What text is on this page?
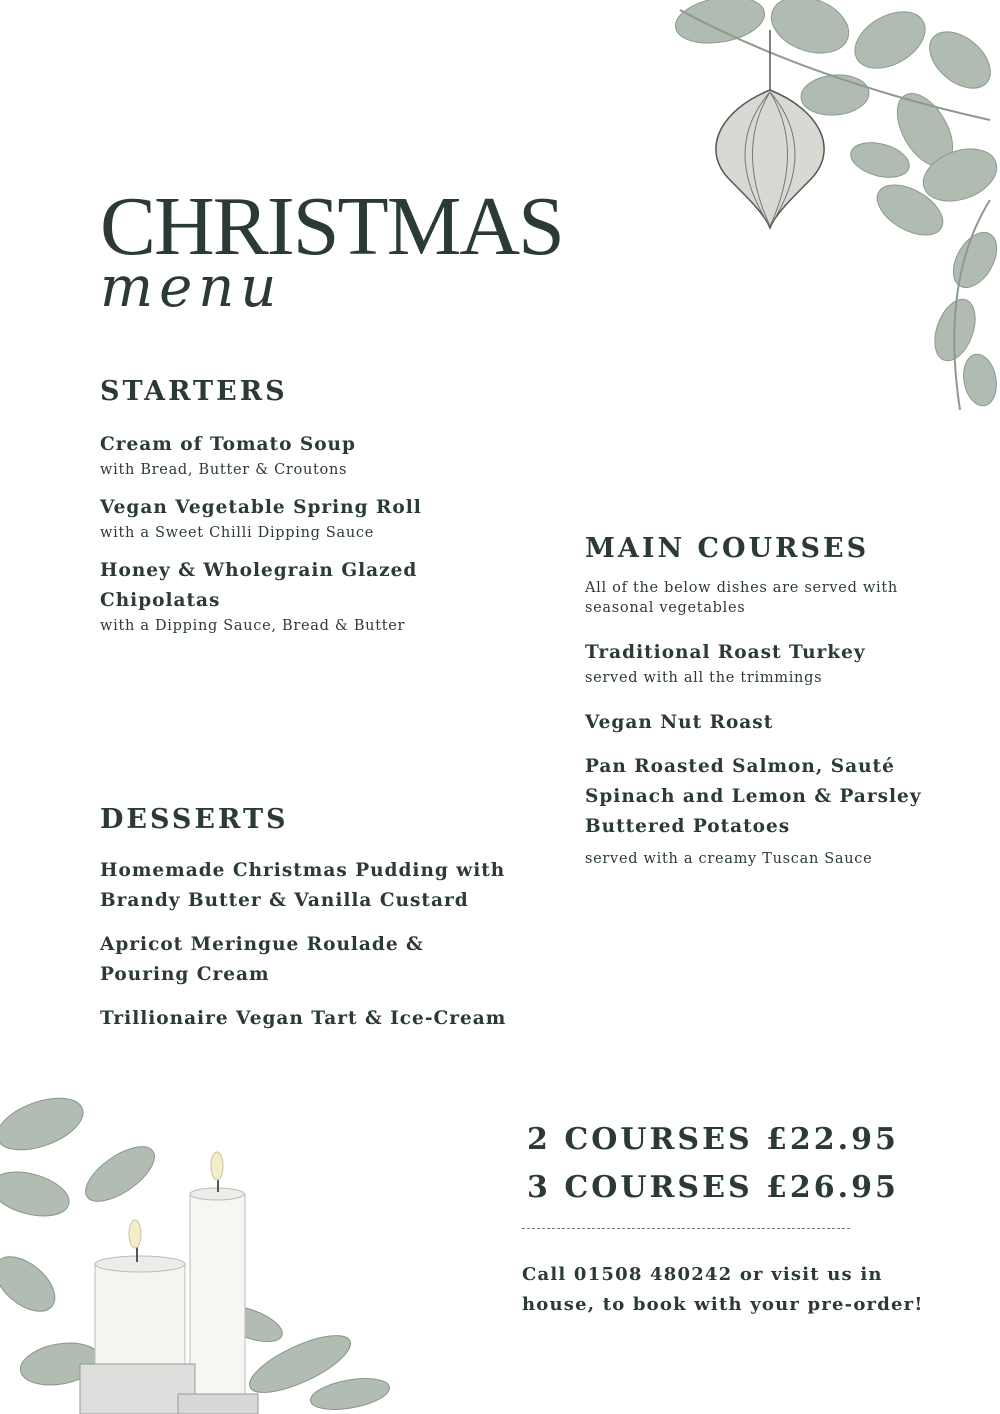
CHRISTMAS
menu
STARTERS
Cream of Tomato Soup
with Bread, Butter & Croutons
Vegan Vegetable Spring Roll
with a Sweet Chilli Dipping Sauce
Honey & Wholegrain Glazed
Chipolatas
with a Dipping Sauce, Bread & Butter
MAIN COURSES
All of the below dishes are served with
seasonal vegetables
Traditional Roast Turkey
served with all the trimmings
Vegan Nut Roast
Pan Roasted Salmon, Sauté
Spinach and Lemon & Parsley
Buttered Potatoes
served with a creamy Tuscan Sauce
DESSERTS
Homemade Christmas Pudding with
Brandy Butter & Vanilla Custard
Apricot Meringue Roulade &
Pouring Cream
Trillionaire Vegan Tart & Ice-Cream
2 COURSES £22.95
3 COURSES £26.95
Call 01508 480242 or visit us in
house, to book with your pre-order!
